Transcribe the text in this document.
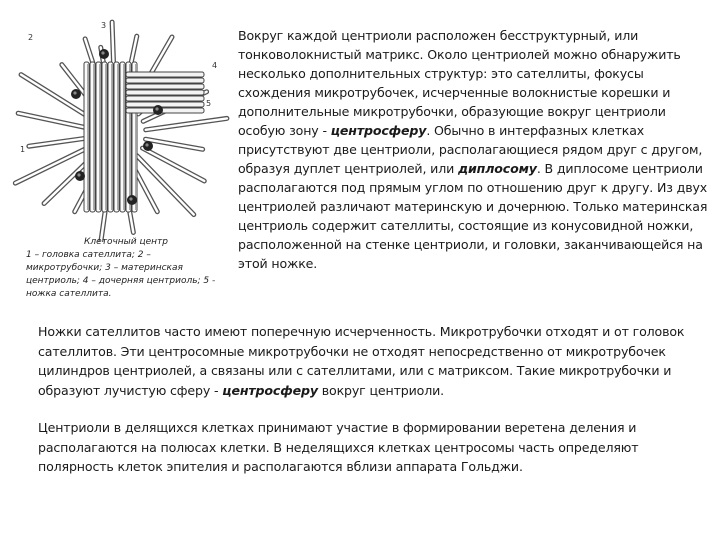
3
2
4
5
1
Клеточный центр
1 – головка сателлита; 2 – микротрубочки; 3 – материнская центриоль; 4 – дочерняя центриоль; 5 - ножка сателлита.
Вокруг каждой центриоли расположен бесструктурный, или тонковолокнистый матрикс. Около центриолей можно обнаружить несколько дополнительных структур: это сателлиты, фокусы схождения микротрубочек, исчерченные волокнистые корешки и дополнительные микротрубочки, образующие вокруг центриоли особую зону - центросферу. Обычно в интерфазных клетках присутствуют две центриоли, располагающиеся рядом друг с другом, образуя дуплет центриолей, или диплосому. В диплосоме центриоли располагаются под прямым углом по отношению друг к другу. Из двух центриолей различают материнскую и дочернюю. Только материнская центриоль содержит сателлиты, состоящие из конусовидной ножки, расположенной на стенке центриоли, и головки, заканчивающейся на этой ножке.
Ножки сателлитов часто имеют поперечную исчерченность. Микротрубочки отходят и от головок сателлитов. Эти центросомные микротрубочки не отходят непосредственно от микротрубочек цилиндров центриолей, а связаны или с сателлитами, или с матриксом. Такие микротрубочки и образуют лучистую сферу - центросферу вокруг центриоли.
Центриоли в делящихся клетках принимают участие в формировании веретена деления и располагаются на полюсах клетки. В неделящихся клетках центросомы часть определяют полярность клеток эпителия и располагаются вблизи аппарата Гольджи.
